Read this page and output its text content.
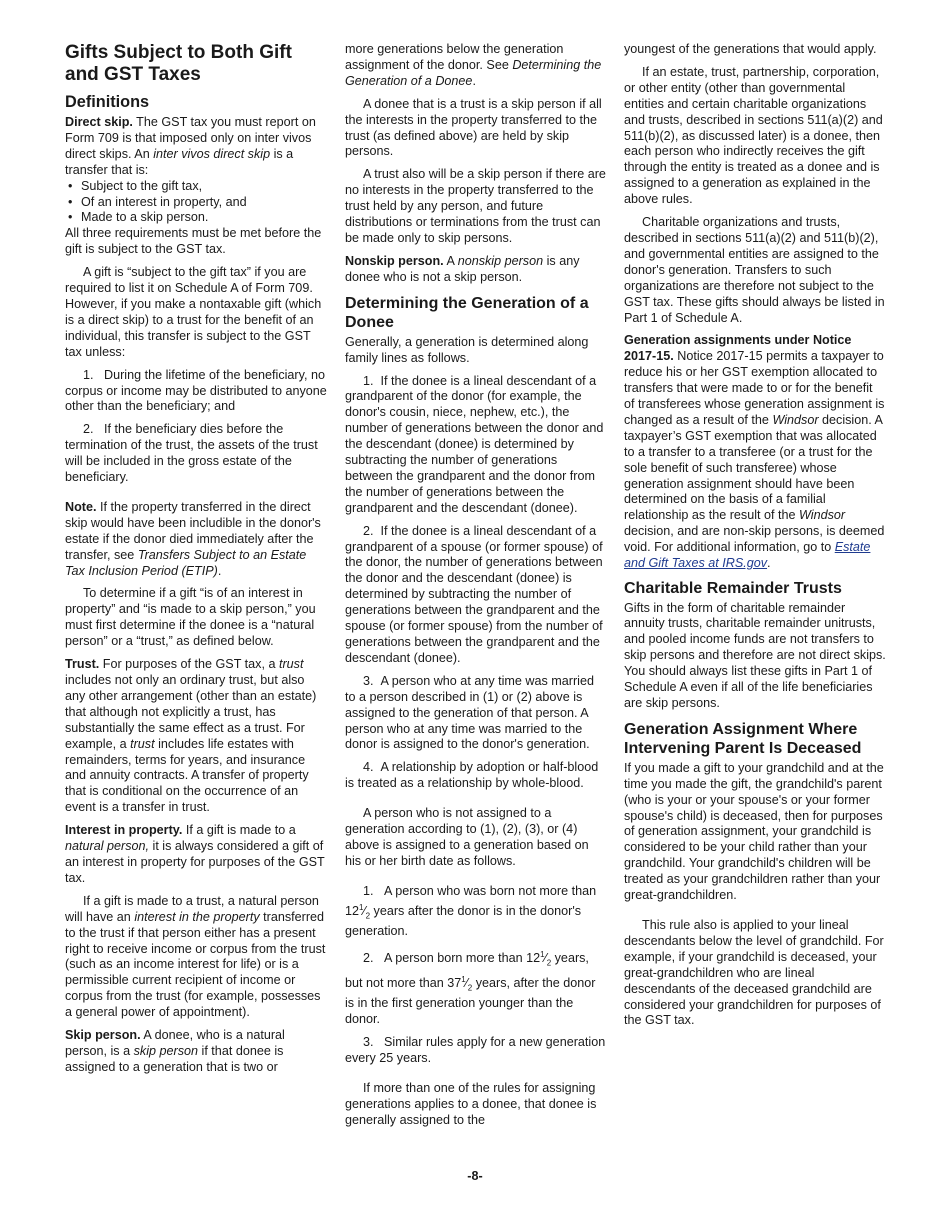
Gifts Subject to Both Gift and GST Taxes
Definitions

Direct skip. The GST tax you must report on Form 709 is that imposed only on inter vivos direct skips. An inter vivos direct skip is a transfer that is:

• Subject to the gift tax,
• Of an interest in property, and
• Made to a skip person.

All three requirements must be met before the gift is subject to the GST tax.

A gift is “subject to the gift tax” if you are required to list it on Schedule A of Form 709. However, if you make a nontaxable gift (which is a direct skip) to a trust for the benefit of an individual, this transfer is subject to the GST tax unless:

1.   During the lifetime of the beneficiary, no corpus or income may be distributed to anyone other than the beneficiary; and

2.   If the beneficiary dies before the termination of the trust, the assets of the trust will be included in the gross estate of the beneficiary.

Note. If the property transferred in the direct skip would have been includible in the donor's estate if the donor died immediately after the transfer, see Transfers Subject to an Estate Tax Inclusion Period (ETIP).

To determine if a gift “is of an interest in property” and “is made to a skip person,” you must first determine if the donee is a “natural person” or a “trust,” as defined below.

Trust. For purposes of the GST tax, a trust includes not only an ordinary trust, but also any other arrangement (other than an estate) that although not explicitly a trust, has substantially the same effect as a trust. For example, a trust includes life estates with remainders, terms for years, and insurance and annuity contracts. A transfer of property that is conditional on the occurrence of an event is a transfer in trust.

Interest in property. If a gift is made to a natural person, it is always considered a gift of an interest in property for purposes of the GST tax.

If a gift is made to a trust, a natural person will have an interest in the property transferred to the trust if that person either has a present right to receive income or corpus from the trust (such as an income interest for life) or is a permissible current recipient of income or corpus from the trust (for example, possesses a general power of appointment).

Skip person. A donee, who is a natural person, is a skip person if that donee is assigned to a generation that is two or

more generations below the generation assignment of the donor. See Determining the Generation of a Donee.

A donee that is a trust is a skip person if all the interests in the property transferred to the trust (as defined above) are held by skip persons.

A trust also will be a skip person if there are no interests in the property transferred to the trust held by any person, and future distributions or terminations from the trust can be made only to skip persons.

Nonskip person. A nonskip person is any donee who is not a skip person.

Determining the Generation of a Donee

Generally, a generation is determined along family lines as follows.

1.  If the donee is a lineal descendant of a grandparent of the donor (for example, the donor's cousin, niece, nephew, etc.), the number of generations between the donor and the descendant (donee) is determined by subtracting the number of generations between the grandparent and the donor from the number of generations between the grandparent and the descendant (donee).

2.  If the donee is a lineal descendant of a grandparent of a spouse (or former spouse) of the donor, the number of generations between the donor and the descendant (donee) is determined by subtracting the number of generations between the grandparent and the spouse (or former spouse) from the number of generations between the grandparent and the descendant (donee).

3.  A person who at any time was married to a person described in (1) or (2) above is assigned to the generation of that person. A person who at any time was married to the donor is assigned to the donor's generation.

4.  A relationship by adoption or half-blood is treated as a relationship by whole-blood.

A person who is not assigned to a generation according to (1), (2), (3), or (4) above is assigned to a generation based on his or her birth date as follows.

1.   A person who was born not more than $12^1⁄_2$ years after the donor is in the donor's generation.

2.   A person born more than $12^1⁄_2$ years, but not more than $37^1⁄_2$ years, after the donor is in the first generation younger than the donor.

3.   Similar rules apply for a new generation every 25 years.

If more than one of the rules for assigning generations applies to a donee, that donee is generally assigned to the

youngest of the generations that would apply.

If an estate, trust, partnership, corporation, or other entity (other than governmental entities and certain charitable organizations and trusts, described in sections 511(a)(2) and 511(b)(2), as discussed later) is a donee, then each person who indirectly receives the gift through the entity is treated as a donee and is assigned to a generation as explained in the above rules.

Charitable organizations and trusts, described in sections 511(a)(2) and 511(b)(2), and governmental entities are assigned to the donor's generation. Transfers to such organizations are therefore not subject to the GST tax. These gifts should always be listed in Part 1 of Schedule A.

Generation assignments under Notice 2017-15. Notice 2017-15 permits a taxpayer to reduce his or her GST exemption allocated to transfers that were made to or for the benefit of transferees whose generation assignment is changed as a result of the Windsor decision. A taxpayer’s GST exemption that was allocated to a transfer to a transferee (or a trust for the sole benefit of such transferee) whose generation assignment should have been determined on the basis of a familial relationship as the result of the Windsor decision, and are non-skip persons, is deemed void. For additional information, go to Estate and Gift Taxes at IRS.gov.

Charitable Remainder Trusts

Gifts in the form of charitable remainder annuity trusts, charitable remainder unitrusts, and pooled income funds are not transfers to skip persons and therefore are not direct skips. You should always list these gifts in Part 1 of Schedule A even if all of the life beneficiaries are skip persons.

Generation Assignment Where Intervening Parent Is Deceased

If you made a gift to your grandchild and at the time you made the gift, the grandchild's parent (who is your or your spouse's or your former spouse's child) is deceased, then for purposes of generation assignment, your grandchild is considered to be your child rather than your grandchild. Your grandchild's children will be treated as your grandchildren rather than your great-grandchildren.

This rule also is applied to your lineal descendants below the level of grandchild. For example, if your grandchild is deceased, your great-grandchildren who are lineal descendants of the deceased grandchild are considered your grandchildren for purposes of the GST tax.

-8-
